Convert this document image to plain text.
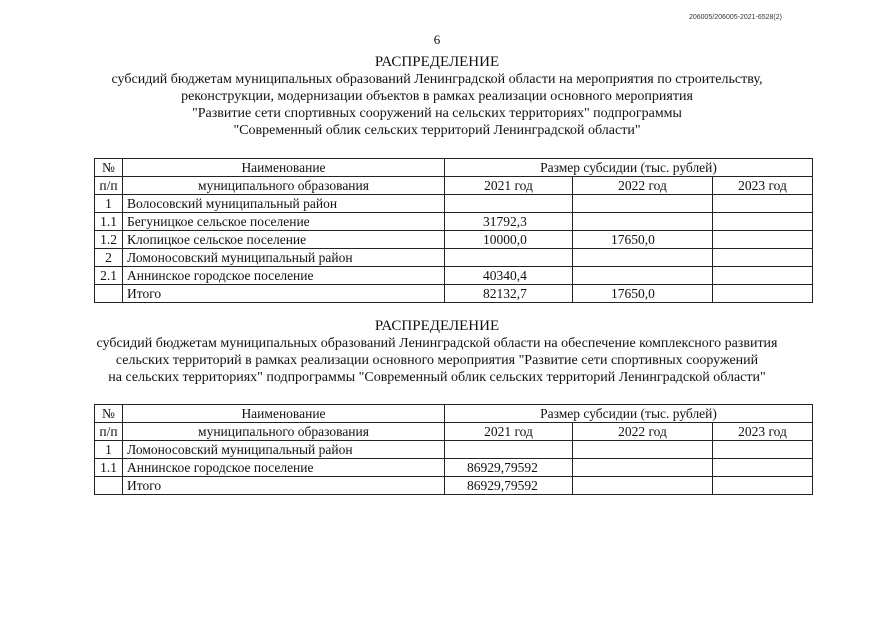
206005/206005-2021-6528(2)
6
РАСПРЕДЕЛЕНИЕ
субсидий бюджетам муниципальных образований Ленинградской области на мероприятия по строительству,
реконструкции, модернизации объектов в рамках реализации основного мероприятия
"Развитие сети спортивных сооружений на сельских территориях" подпрограммы
"Современный облик сельских территорий Ленинградской области"
№	Наименование	Размер субсидии (тыс. рублей)		
п/п	муниципального образования	2021 год	2022 год	2023 год
1	Волосовский муниципальный район			
1.1	Бегуницкое сельское поселение	31792,3		
1.2	Клопицкое сельское поселение	10000,0	17650,0	
2	Ломоносовский муниципальный район			
2.1	Аннинское городское поселение	40340,4		
	Итого	82132,7	17650,0	
РАСПРЕДЕЛЕНИЕ
субсидий бюджетам муниципальных образований Ленинградской области на обеспечение комплексного развития
сельских территорий в рамках реализации основного мероприятия "Развитие сети спортивных сооружений
на сельских территориях" подпрограммы "Современный облик сельских территорий Ленинградской области"
№	Наименование	Размер субсидии (тыс. рублей)		
п/п	муниципального образования	2021 год	2022 год	2023 год
1	Ломоносовский муниципальный район			
1.1	Аннинское городское поселение	86929,79592		
	Итого	86929,79592		
